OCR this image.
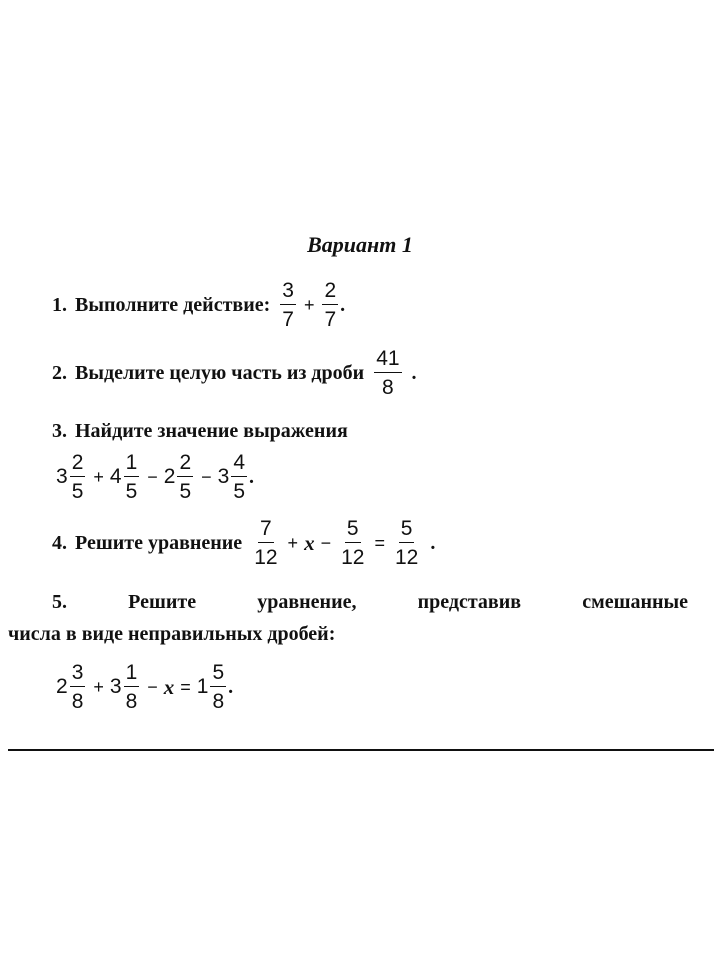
Вариант 1
1. Выполните действие: $\frac{3}{7} + \frac{2}{7}$ .
2. Выделите целую часть из дроби $\frac{41}{8}$ .
3. Найдите значение выражения
$3 \frac{2}{5} + 4 \frac{1}{5} - 2 \frac{2}{5} - 3 \frac{4}{5}$ .
4. Решите уравнение $\frac{7}{12} + x - \frac{5}{12} = \frac{5}{12}$ .
5. Решите уравнение, представив смешанные
числа в виде неправильных дробей:
$2 \frac{3}{8} + 3 \frac{1}{8} - x = 1 \frac{5}{8}$ .
